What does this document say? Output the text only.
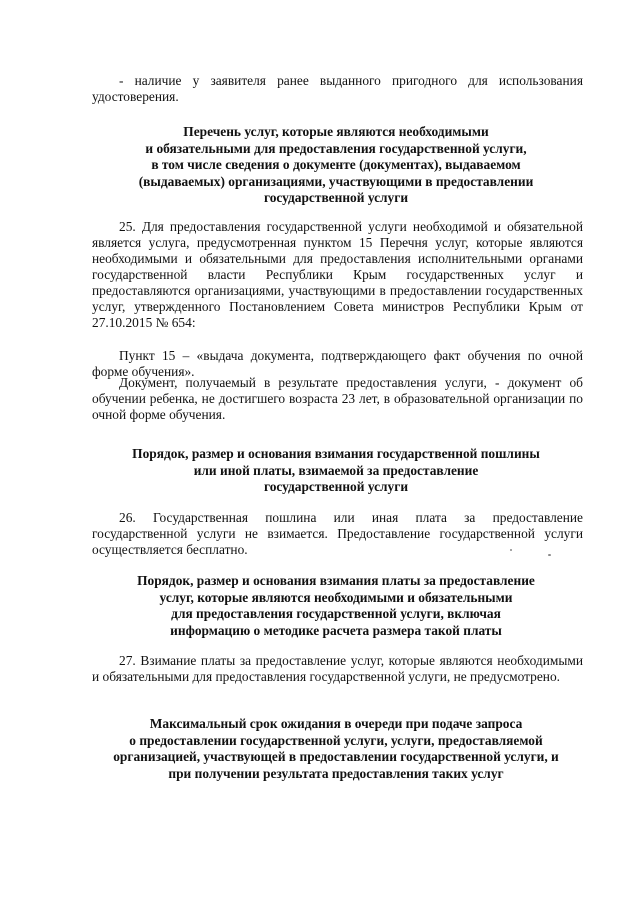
- наличие у заявителя ранее выданного пригодного для использования удостоверения.

Перечень услуг, которые являются необходимыми
и обязательными для предоставления государственной услуги,
в том числе сведения о документе (документах), выдаваемом
(выдаваемых) организациями, участвующими в предоставлении
государственной услуги

25. Для предоставления государственной услуги необходимой и обязательной является услуга, предусмотренная пунктом 15 Перечня услуг, которые являются необходимыми и обязательными для предоставления исполнительными органами государственной власти Республики Крым государственных услуг и предоставляются организациями, участвующими в предоставлении государственных услуг, утвержденного Постановлением Совета министров Республики Крым от 27.10.2015 № 654:

Пункт 15 – «выдача документа, подтверждающего факт обучения по очной форме обучения».

Документ, получаемый в результате предоставления услуги, - документ об обучении ребенка, не достигшего возраста 23 лет, в образовательной организации по очной форме обучения.

Порядок, размер и основания взимания государственной пошлины
или иной платы, взимаемой за предоставление
государственной услуги

26. Государственная пошлина или иная плата за предоставление государственной услуги не взимается. Предоставление государственной услуги осуществляется бесплатно.

Порядок, размер и основания взимания платы за предоставление
услуг, которые являются необходимыми и обязательными
для предоставления государственной услуги, включая
информацию о методике расчета размера такой платы

27. Взимание платы за предоставление услуг, которые являются необходимыми и обязательными для предоставления государственной услуги, не предусмотрено.

Максимальный срок ожидания в очереди при подаче запроса
о предоставлении государственной услуги, услуги, предоставляемой
организацией, участвующей в предоставлении государственной услуги, и
при получении результата предоставления таких услуг
